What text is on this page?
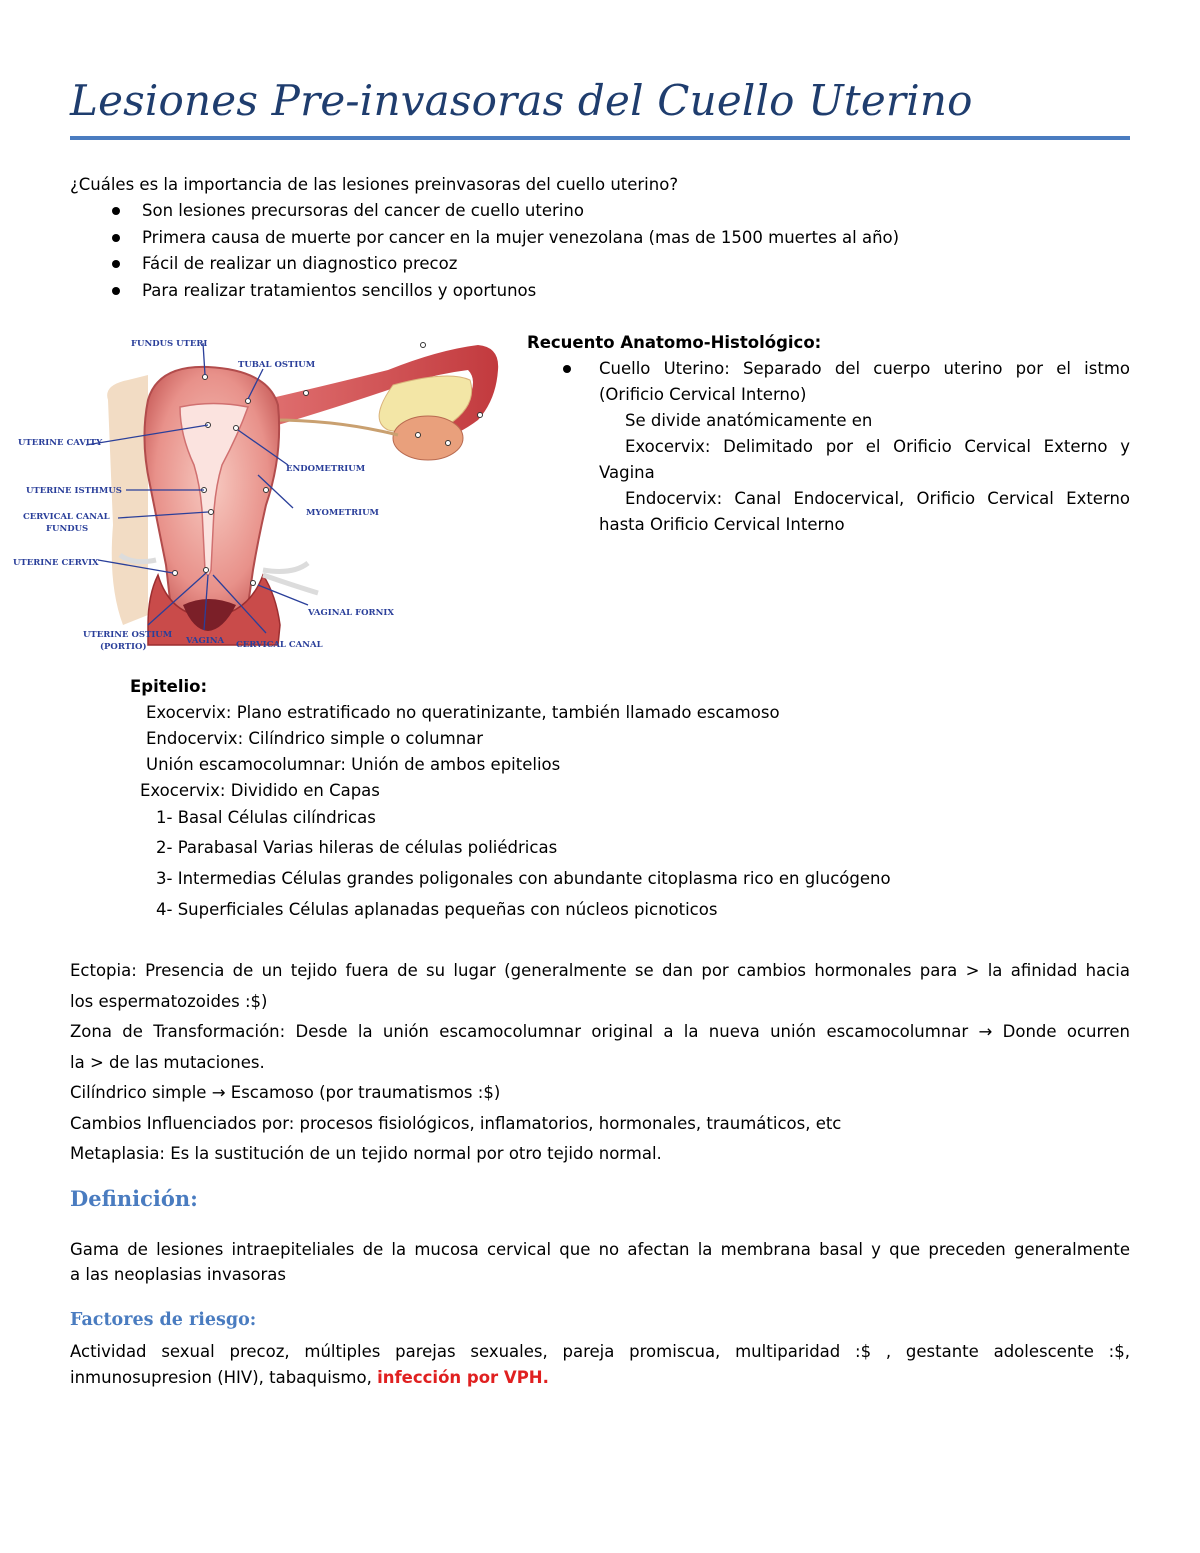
Lesiones Pre-invasoras del Cuello Uterino
¿Cuáles es la importancia de las lesiones preinvasoras del cuello uterino?
Son lesiones precursoras del cancer de cuello uterino
Primera causa de muerte por cancer en la mujer venezolana (mas de 1500 muertes al año)
Fácil de realizar un diagnostico precoz
Para realizar tratamientos sencillos y oportunos
FUNDUS UTERI
TUBAL OSTIUM
UTERINE CAVITY
ENDOMETRIUM
UTERINE ISTHMUS
MYOMETRIUM
CERVICAL CANAL
FUNDUS
UTERINE CERVIX
VAGINAL FORNIX
UTERINE OSTIUM
(PORTIO)
VAGINA CERVICAL CANAL
Recuento Anatomo-Histológico:
Cuello Uterino: Separado del cuerpo uterino por el istmo
(Orificio Cervical Interno)
Se divide anatómicamente en
Exocervix: Delimitado por el Orificio Cervical Externo y
Vagina
Endocervix: Canal Endocervical, Orificio Cervical Externo
hasta Orificio Cervical Interno
Epitelio:
Exocervix: Plano estratificado no queratinizante, también llamado escamoso
Endocervix: Cilíndrico simple o columnar
Unión escamocolumnar: Unión de ambos epitelios
Exocervix: Dividido en Capas
1- Basal Células cilíndricas
2- Parabasal Varias hileras de células poliédricas
3- Intermedias Células grandes poligonales con abundante citoplasma rico en glucógeno
4- Superficiales Células aplanadas pequeñas con núcleos picnoticos
Ectopia: Presencia de un tejido fuera de su lugar (generalmente se dan por cambios hormonales para > la afinidad hacia
los espermatozoides :$)
Zona de Transformación: Desde la unión escamocolumnar original a la nueva unión escamocolumnar → Donde ocurren
la > de las mutaciones.
Cilíndrico simple → Escamoso (por traumatismos :$)
Cambios Influenciados por: procesos fisiológicos, inflamatorios, hormonales, traumáticos, etc
Metaplasia: Es la sustitución de un tejido normal por otro tejido normal.
Definición:
Gama de lesiones intraepiteliales de la mucosa cervical que no afectan la membrana basal y que preceden generalmente
a las neoplasias invasoras
Factores de riesgo:
Actividad sexual precoz, múltiples parejas sexuales, pareja promiscua, multiparidad :$ , gestante adolescente :$,
inmunosupresion (HIV), tabaquismo, infección por VPH.
